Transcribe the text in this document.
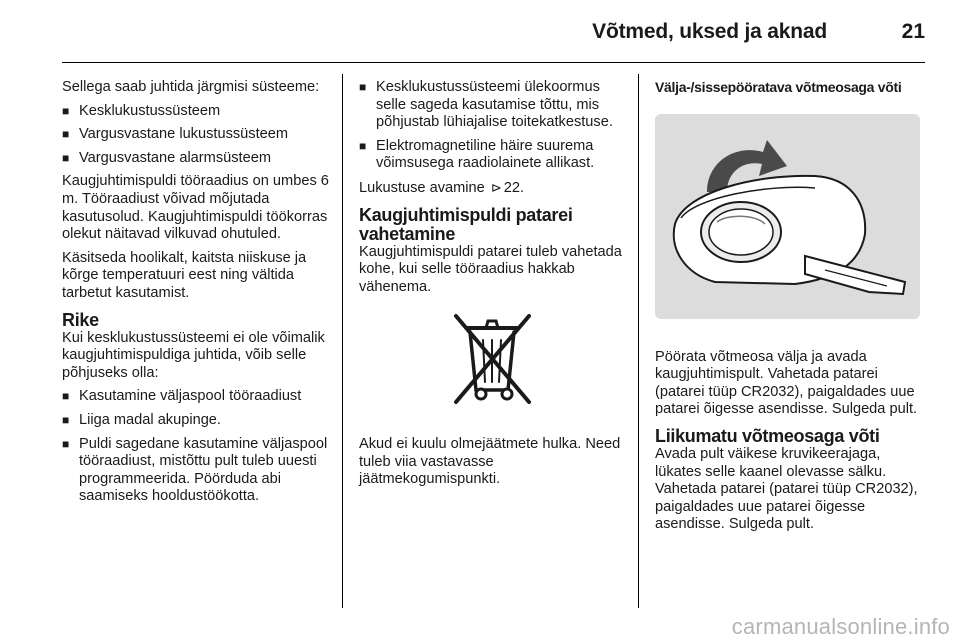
Võtmed, uksed ja aknad	21

Sellega saab juhtida järgmisi süsteeme:

■ Kesklukustussüsteem
■ Vargusvastane lukustussüsteem
■ Vargusvastane alarmsüsteem

Kaugjuhtimispuldi tööraadius on umbes 6 m. Tööraadiust võivad mõjutada kasutusolud. Kaugjuhtimispuldi töökorras olekut näitavad vilkuvad ohutuled.

Käsitseda hoolikalt, kaitsta niiskuse ja kõrge temperatuuri eest ning vältida tarbetut kasutamist.

Rike

Kui kesklukustussüsteemi ei ole võimalik kaugjuhtimispuldiga juhtida, võib selle põhjuseks olla:

■ Kasutamine väljaspool tööraadiust
■ Liiga madal akupinge.
■ Puldi sagedane kasutamine väljaspool tööraadiust, mistõttu pult tuleb uuesti programmeerida. Pöörduda abi saamiseks hooldustöökotta.
■ Kesklukustussüsteemi ülekoormus selle sageda kasutamise tõttu, mis põhjustab lühiajalise toitekatkestuse.
■ Elektromagnetiline häire suurema võimsusega raadiolainete allikast.

Lukustuse avamine ⊳ 22.

Kaugjuhtimispuldi patarei vahetamine

Kaugjuhtimispuldi patarei tuleb vahetada kohe, kui selle tööraadius hakkab vähenema.

Akud ei kuulu olmejäätmete hulka. Need tuleb viia vastavasse jäätmekogumispunkti.

Välja-/sissepööratava võtmeosaga võti

Pöörata võtmeosa välja ja avada kaugjuhtimispult. Vahetada patarei (patarei tüüp CR2032), paigaldades uue patarei õigesse asendisse. Sulgeda pult.

Liikumatu võtmeosaga võti

Avada pult väikese kruvikeerajaga, lükates selle kaanel olevasse sälku. Vahetada patarei (patarei tüüp CR2032), paigaldades uue patarei õigesse asendisse. Sulgeda pult.

carmanualsonline.info
